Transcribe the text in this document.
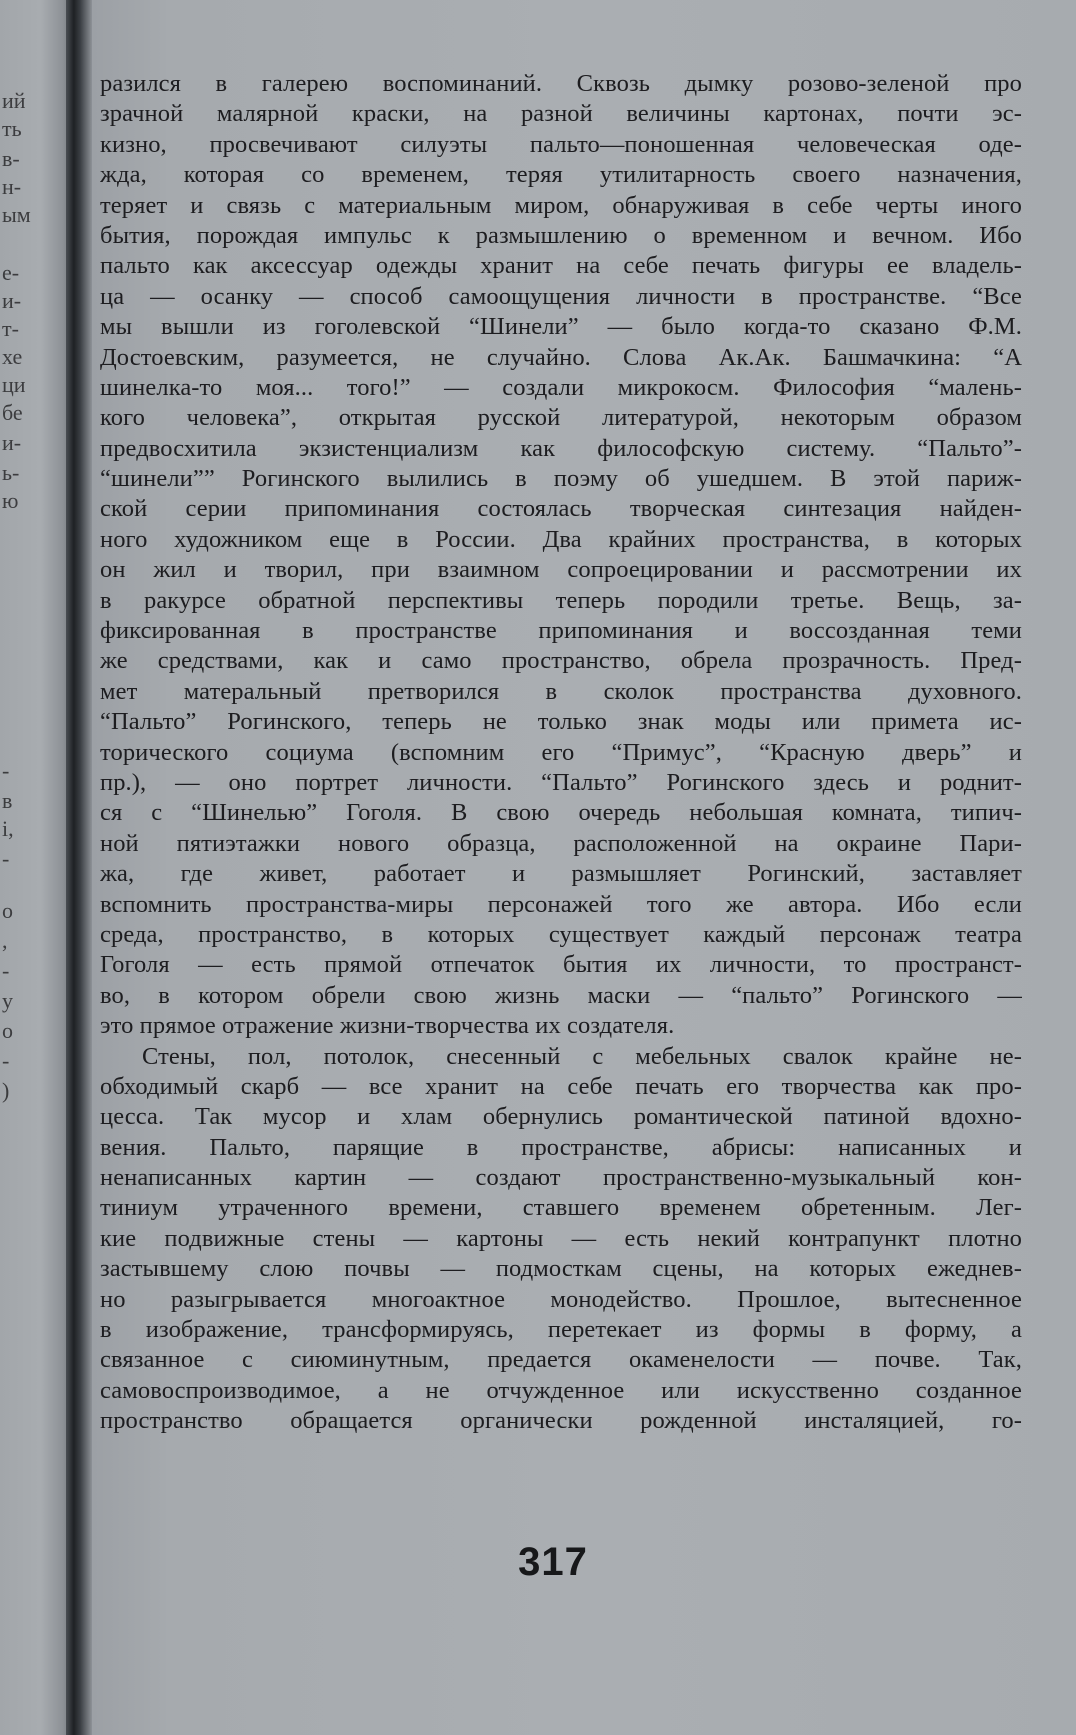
ий
ть
в-
н-
ым
е-
и-
т-
хе
ци
бе
и-
ь-
ю
-
в
і,
-
о
,
-
у
о
-
)
разился в галерею воспоминаний. Сквозь дымку розово-зеленой про
зрачной малярной краски, на разной величины картонах, почти эс-
кизно, просвечивают силуэты пальто—поношенная человеческая оде-
жда, которая со временем, теряя утилитарность своего назначения,
теряет и связь с материальным миром, обнаруживая в себе черты иного
бытия, порождая импульс к размышлению о временном и вечном. Ибо
пальто как аксессуар одежды хранит на себе печать фигуры ее владель-
ца — осанку — способ самоощущения личности в пространстве. “Все
мы вышли из гоголевской “Шинели” — было когда-то сказано Ф.М.
Достоевским, разумеется, не случайно. Слова Ак.Ак. Башмачкина: “А
шинелка-то моя... того!” — создали микрокосм. Философия “малень-
кого человека”, открытая русской литературой, некоторым образом
предвосхитила экзистенциализм как философскую систему. “Пальто”-
“шинели”” Рогинского вылились в поэму об ушедшем. В этой париж-
ской серии припоминания состоялась творческая синтезация найден-
ного художником еще в России. Два крайних пространства, в которых
он жил и творил, при взаимном сопроецировании и рассмотрении их
в ракурсе обратной перспективы теперь породили третье. Вещь, за-
фиксированная в пространстве припоминания и воссозданная теми
же средствами, как и само пространство, обрела прозрачность. Пред-
мет матеральный претворился в сколок пространства духовного.
“Пальто” Рогинского, теперь не только знак моды или примета ис-
торического социума (вспомним его “Примус”, “Красную дверь” и
пр.), — оно портрет личности. “Пальто” Рогинского здесь и роднит-
ся с “Шинелью” Гоголя. В свою очередь небольшая комната, типич-
ной пятиэтажки нового образца, расположенной на окраине Пари-
жа, где живет, работает и размышляет Рогинский, заставляет
вспомнить пространства-миры персонажей того же автора. Ибо если
среда, пространство, в которых существует каждый персонаж театра
Гоголя — есть прямой отпечаток бытия их личности, то пространст-
во, в котором обрели свою жизнь маски — “пальто” Рогинского —
это прямое отражение жизни-творчества их создателя.
Стены, пол, потолок, снесенный с мебельных свалок крайне не-
обходимый скарб — все хранит на себе печать его творчества как про-
цесса. Так мусор и хлам обернулись романтической патиной вдохно-
вения. Пальто, парящие в пространстве, абрисы: написанных и
ненаписанных картин — создают пространственно-музыкальный кон-
тиниум утраченного времени, ставшего временем обретенным. Лег-
кие подвижные стены — картоны — есть некий контрапункт плотно
застывшему слою почвы — подмосткам сцены, на которых ежеднев-
но разыгрывается многоактное монодейство. Прошлое, вытесненное
в изображение, трансформируясь, перетекает из формы в форму, а
связанное с сиюминутным, предается окаменелости — почве. Так,
самовоспроизводимое, а не отчужденное или искусственно созданное
пространство обращается органически рожденной инсталяцией, го-
317
